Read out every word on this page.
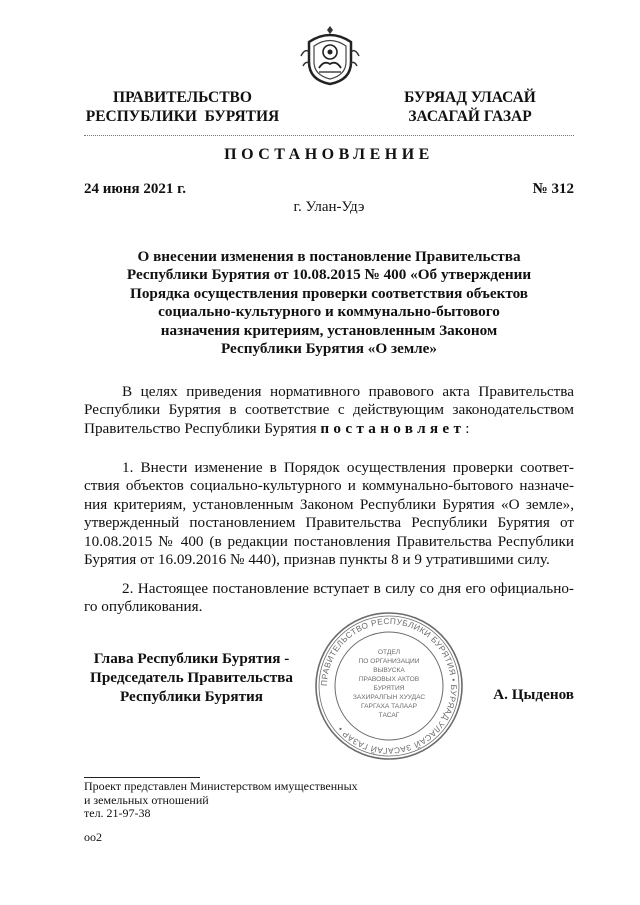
ПРАВИТЕЛЬСТВО
РЕСПУБЛИКИ  БУРЯТИЯ
БУРЯАД УЛАСАЙ
ЗАСАГАЙ ГАЗАР
ПОСТАНОВЛЕНИЕ
24 июня 2021 г.	№ 312
г. Улан-Удэ
О внесении изменения в постановление Правительства
Республики Бурятия от 10.08.2015 № 400 «Об утверждении
Порядка осуществления проверки соответствия объектов
социально-культурного и коммунально-бытового
назначения критериям, установленным Законом
Республики Бурятия «О земле»
В целях приведения нормативного правового акта Правительства
Республики Бурятия в соответствие с действующим законодательством
Правительство Республики Бурятия постановляет:
1. Внести изменение в Порядок осуществления проверки соответ-
ствия объектов социально-культурного и коммунально-бытового назначе-
ния критериям, установленным Законом Республики Бурятия «О земле»,
утвержденный постановлением Правительства Республики Бурятия от
10.08.2015 № 400 (в редакции постановления Правительства Республики
Бурятия от 16.09.2016 № 440), признав пункты 8 и 9 утратившими силу.
2. Настоящее постановление вступает в силу со дня его официально-
го опубликования.
Глава Республики Бурятия -
Председатель Правительства
Республики Бурятия
ПРАВИТЕЛЬСТВО РЕСПУБЛИКИ БУРЯТИЯ • БУРЯАД УЛАСАЙ ЗАСАГАЙ ГАЗАР •
ОТДЕЛ
ПО ОРГАНИЗАЦИИ
ВЫВУСКА
ПРАВОВЫХ АКТОВ
БУРЯТИЯ
ЗАХИРАЛГЫН ХУУДАС
ГАРГАХА ТАЛААР
ТАСАГ
А. Цыденов
Проект представлен Министерством имущественных
и земельных отношений
тел. 21-97-38
оо2
